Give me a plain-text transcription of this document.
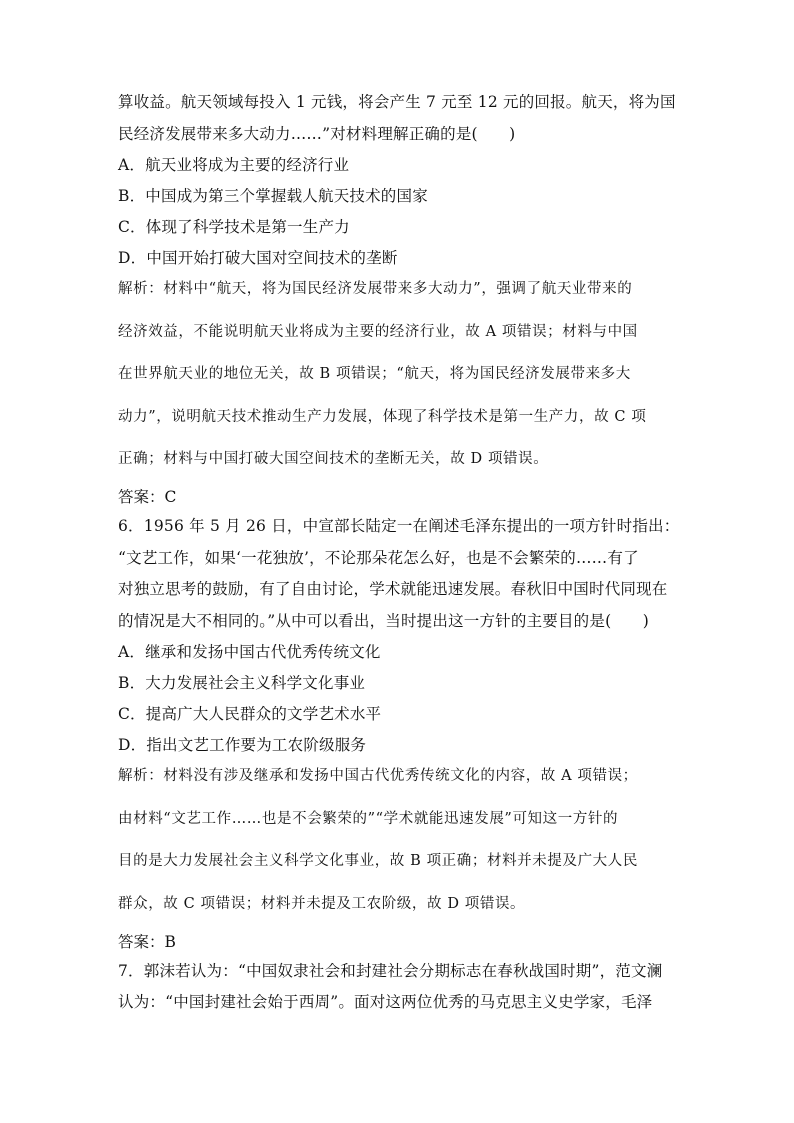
算收益。航天领域每投入 1 元钱，将会产生 7 元至 12 元的回报。航天，将为国
民经济发展带来多大动力……”对材料理解正确的是(　　)
A．航天业将成为主要的经济行业
B．中国成为第三个掌握载人航天技术的国家
C．体现了科学技术是第一生产力
D．中国开始打破大国对空间技术的垄断
解析：材料中“航天，将为国民经济发展带来多大动力”，强调了航天业带来的
经济效益，不能说明航天业将成为主要的经济行业，故 A 项错误；材料与中国
在世界航天业的地位无关，故 B 项错误；“航天，将为国民经济发展带来多大
动力”，说明航天技术推动生产力发展，体现了科学技术是第一生产力，故 C 项
正确；材料与中国打破大国空间技术的垄断无关，故 D 项错误。
答案：C
6．1956 年 5 月 26 日，中宣部长陆定一在阐述毛泽东提出的一项方针时指出：
“文艺工作，如果‘一花独放’，不论那朵花怎么好，也是不会繁荣的……有了
对独立思考的鼓励，有了自由讨论，学术就能迅速发展。春秋旧中国时代同现在
的情况是大不相同的。”从中可以看出，当时提出这一方针的主要目的是(　　)
A．继承和发扬中国古代优秀传统文化
B．大力发展社会主义科学文化事业
C．提高广大人民群众的文学艺术水平
D．指出文艺工作要为工农阶级服务
解析：材料没有涉及继承和发扬中国古代优秀传统文化的内容，故 A 项错误；
由材料“文艺工作……也是不会繁荣的”“学术就能迅速发展”可知这一方针的
目的是大力发展社会主义科学文化事业，故 B 项正确；材料并未提及广大人民
群众，故 C 项错误；材料并未提及工农阶级，故 D 项错误。
答案：B
7．郭沫若认为：“中国奴隶社会和封建社会分期标志在春秋战国时期”，范文澜
认为：“中国封建社会始于西周”。面对这两位优秀的马克思主义史学家，毛泽
